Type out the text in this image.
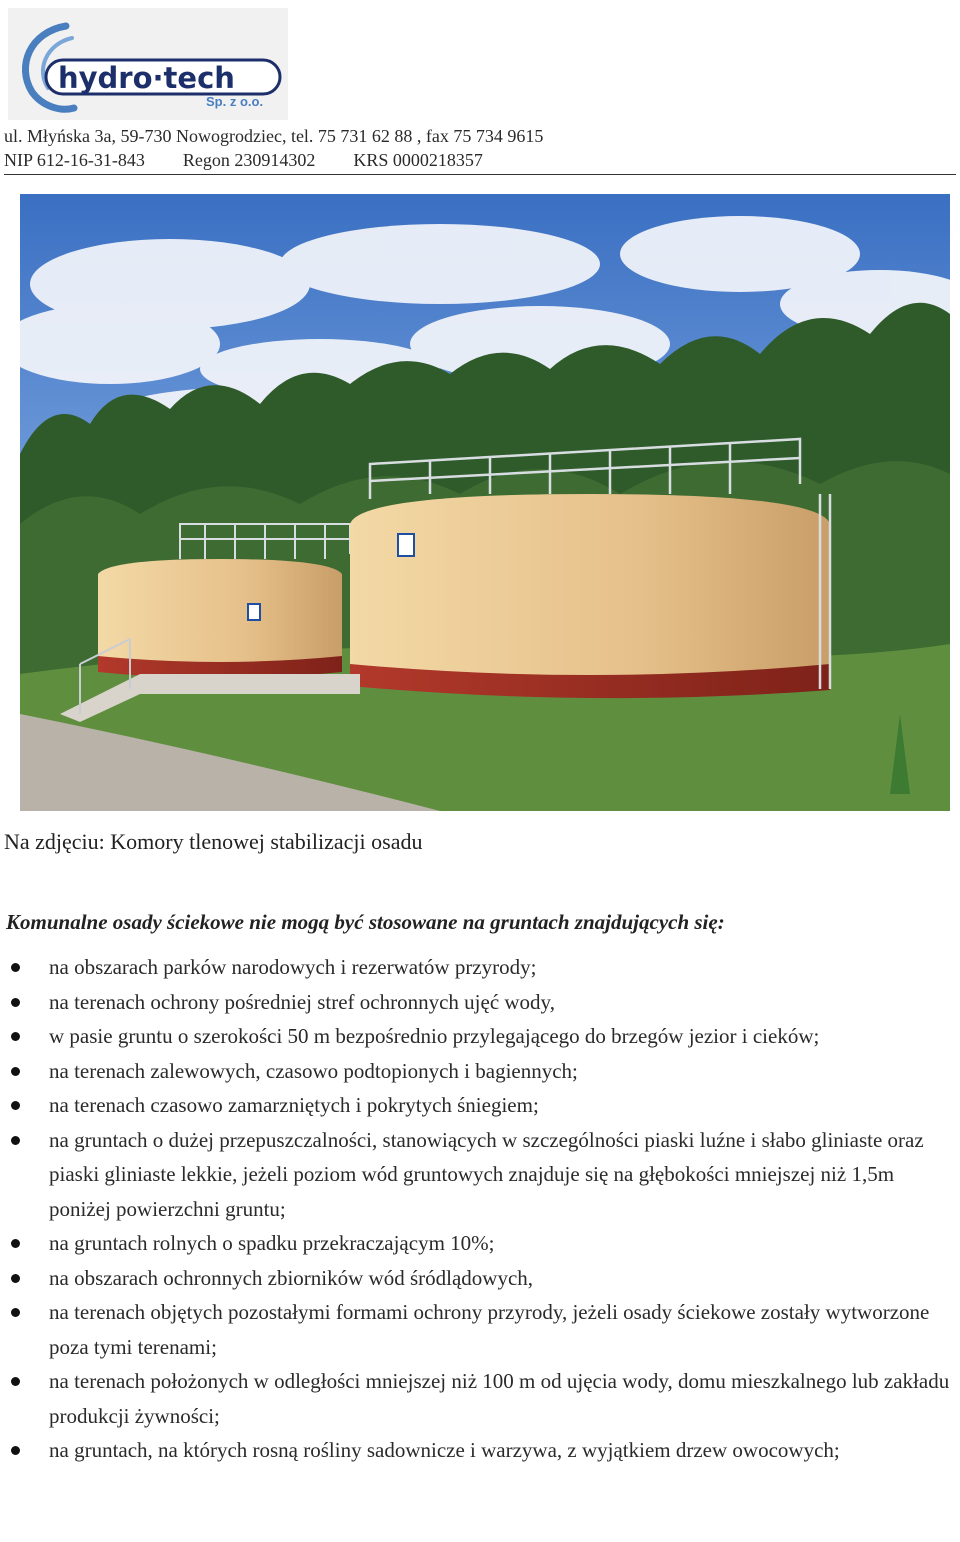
hydro·tech
Sp. z o.o.
ul. Młyńska 3a, 59-730 Nowogrodziec, tel. 75 731 62 88 , fax 75 734 9615
NIP 612-16-31-843 Regon 230914302 KRS 0000218357
Na zdjęciu: Komory tlenowej stabilizacji osadu
Komunalne osady ściekowe nie mogą być stosowane na gruntach znajdujących się:
na obszarach parków narodowych i rezerwatów przyrody;
na terenach ochrony pośredniej stref ochronnych ujęć wody,
w pasie gruntu o szerokości 50 m bezpośrednio przylegającego do brzegów jezior i cieków;
na terenach zalewowych, czasowo podtopionych i bagiennych;
na terenach czasowo zamarzniętych i pokrytych śniegiem;
na gruntach o dużej przepuszczalności, stanowiących w szczególności piaski luźne i słabo gliniaste oraz piaski gliniaste lekkie, jeżeli poziom wód gruntowych znajduje się na głębokości mniejszej niż 1,5m poniżej powierzchni gruntu;
na gruntach rolnych o spadku przekraczającym 10%;
na obszarach ochronnych zbiorników wód śródlądowych,
na terenach objętych pozostałymi formami ochrony przyrody, jeżeli osady ściekowe zostały wytworzone poza tymi terenami;
na terenach położonych w odległości mniejszej niż 100 m od ujęcia wody, domu mieszkalnego lub zakładu produkcji żywności;
na gruntach, na których rosną rośliny sadownicze i warzywa, z wyjątkiem drzew owocowych;
